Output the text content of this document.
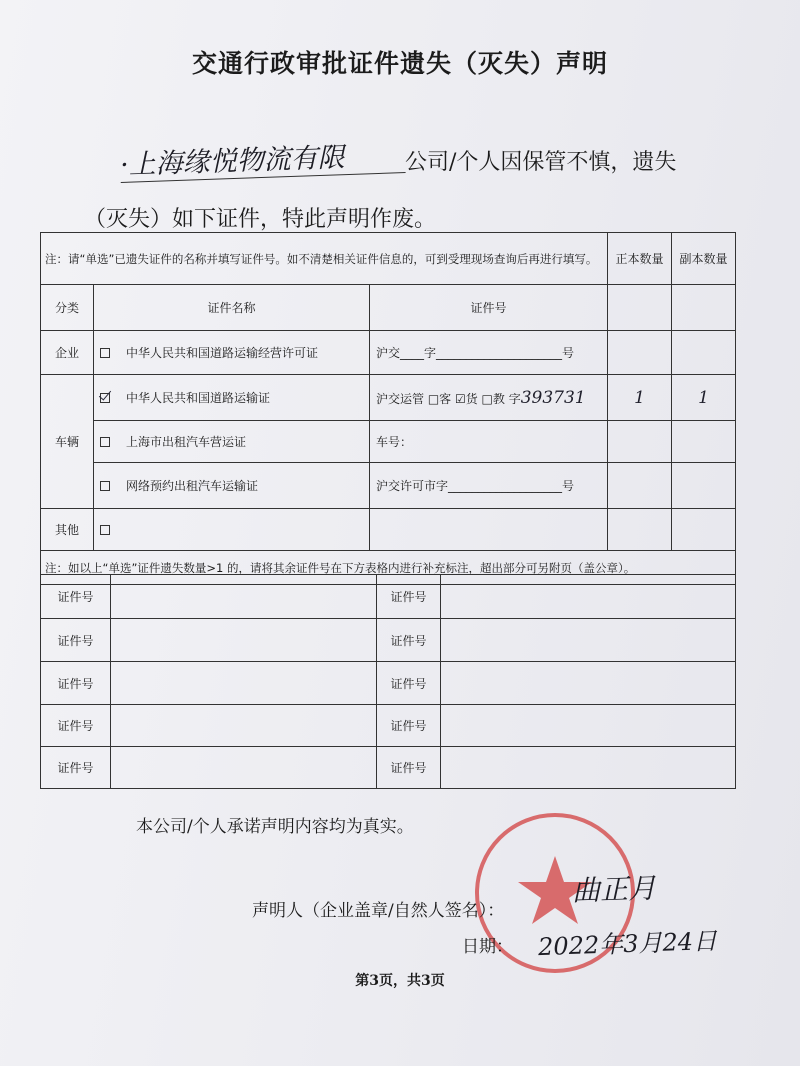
交通行政审批证件遗失（灭失）声明
·上海缘悦物流有限	公司/个人因保管不慎，遗失
（灭失）如下证件，特此声明作废。
注：请“单选”已遗失证件的名称并填写证件号。如不清楚相关证件信息的，可到受理现场查询后再进行填写。			正本数量	副本数量

分类	证件名称	证件号		
企业	中华人民共和国道路运输经营许可证	沪交____字_____________________号		
车辆	中华人民共和国道路运输证	沪交运管 □客 ☑货 □教 字393731	1	1
	上海市出租汽车营运证	车号：		
	网络预约出租汽车运输证	沪交许可市字___________________号		
其他				
注：如以上“单选”证件遗失数量>1 的，请将其余证件号在下方表格内进行补充标注，超出部分可另附页（盖公章）。				
证件号		证件号	
证件号		证件号	
证件号		证件号	
证件号		证件号	
证件号		证件号	
本公司/个人承诺声明内容均为真实。
声明人（企业盖章/自然人签名）：
曲正月
日期： 2022年3月24日
第3页，共3页
